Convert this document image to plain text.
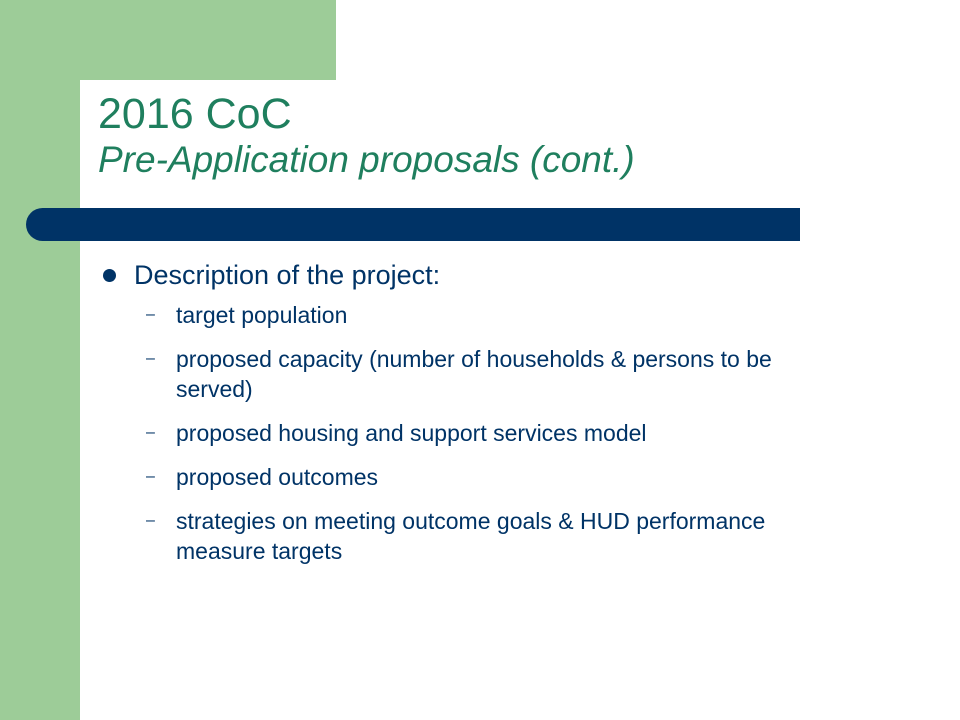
2016 CoC
Pre-Application proposals (cont.)
Description of the project:
– target population
– proposed capacity (number of households & persons to be served)
– proposed housing and support services model
– proposed outcomes
– strategies on meeting outcome goals & HUD performance measure targets
